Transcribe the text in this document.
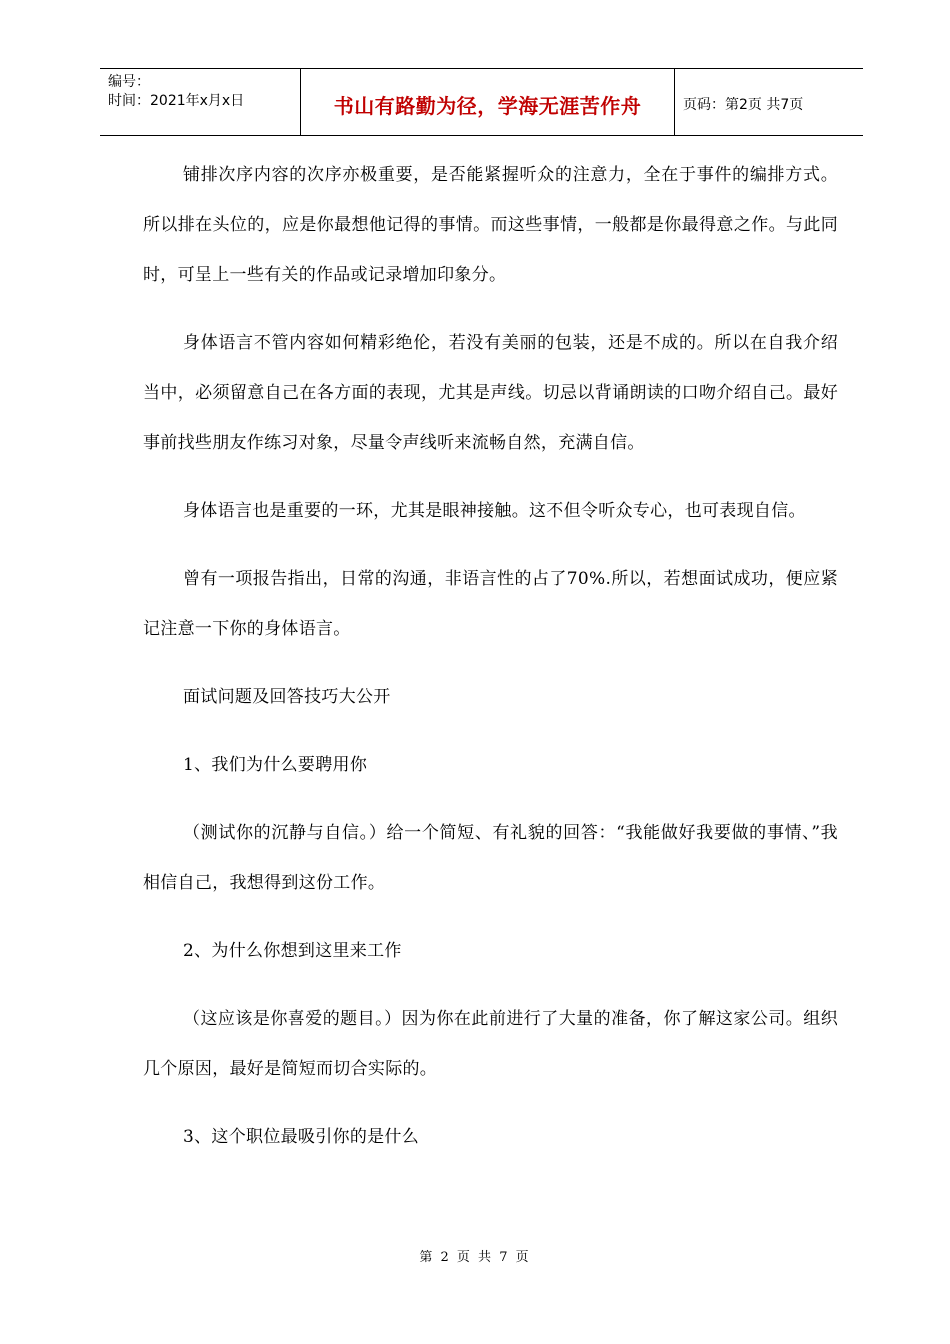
编号：
时间：2021年x月x日	书山有路勤为径，学海无涯苦作舟	页码：第2页 共7页

铺排次序内容的次序亦极重要，是否能紧握听众的注意力，全在于事件的编排方式。所以排在头位的，应是你最想他记得的事情。而这些事情，一般都是你最得意之作。与此同时，可呈上一些有关的作品或记录增加印象分。

身体语言不管内容如何精彩绝伦，若没有美丽的包装，还是不成的。所以在自我介绍当中，必须留意自己在各方面的表现，尤其是声线。切忌以背诵朗读的口吻介绍自己。最好事前找些朋友作练习对象，尽量令声线听来流畅自然，充满自信。

身体语言也是重要的一环，尤其是眼神接触。这不但令听众专心，也可表现自信。

曾有一项报告指出，日常的沟通，非语言性的占了70%.所以，若想面试成功，便应紧记注意一下你的身体语言。

面试问题及回答技巧大公开

1、我们为什么要聘用你

（测试你的沉静与自信。）给一个简短、有礼貌的回答：“我能做好我要做的事情、”我相信自己，我想得到这份工作。

2、为什么你想到这里来工作

（这应该是你喜爱的题目。）因为你在此前进行了大量的准备，你了解这家公司。组织几个原因，最好是简短而切合实际的。

3、这个职位最吸引你的是什么

第 2 页 共 7 页
